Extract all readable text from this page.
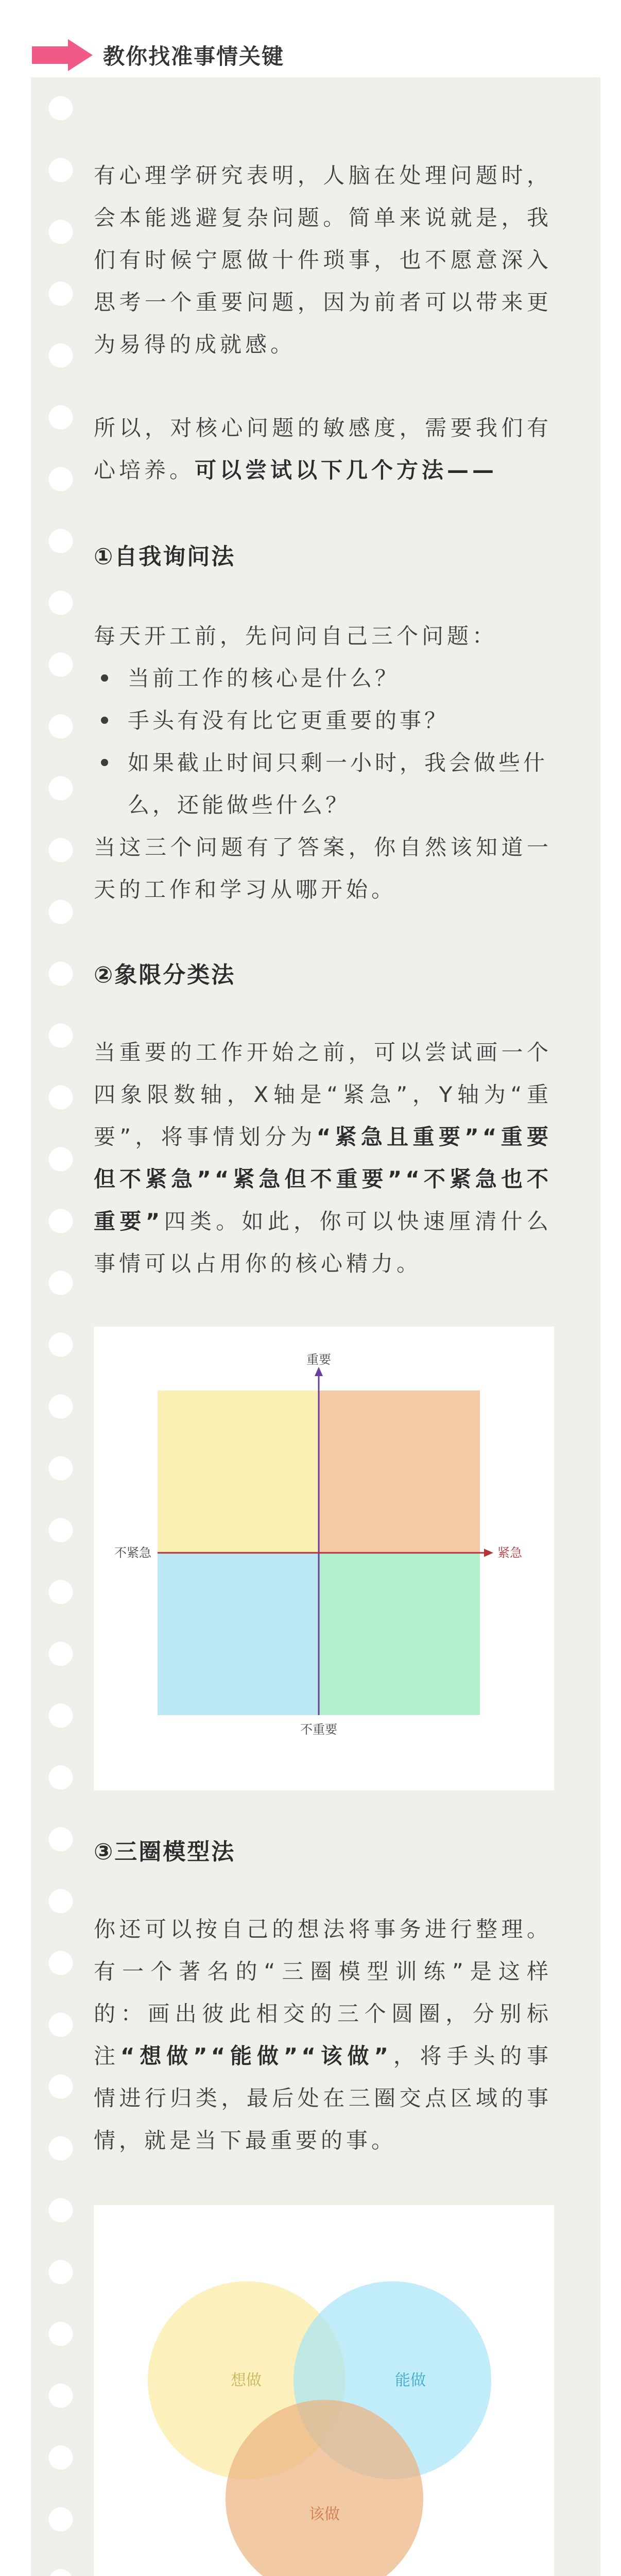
教你找准事情关键

有心理学研究表明，人脑在处理问题时，会本能逃避复杂问题。简单来说就是，我们有时候宁愿做十件琐事，也不愿意深入思考一个重要问题，因为前者可以带来更为易得的成就感。

所以，对核心问题的敏感度，需要我们有心培养。可以尝试以下几个方法——

①自我询问法

每天开工前，先问问自己三个问题：

当前工作的核心是什么？
手头有没有比它更重要的事？
如果截止时间只剩一小时，我会做些什么，还能做些什么？

当这三个问题有了答案，你自然该知道一天的工作和学习从哪开始。

②象限分类法

当重要的工作开始之前，可以尝试画一个四象限数轴，X轴是“紧急”，Y轴为“重要”，将事情划分为“紧急且重要”“重要但不紧急”“紧急但不重要”“不紧急也不重要”四类。如此，你可以快速厘清什么事情可以占用你的核心精力。

重要
不重要
不紧急	紧急
③三圈模型法

你还可以按自己的想法将事务进行整理。有一个著名的“三圈模型训练”是这样的：画出彼此相交的三个圆圈，分别标注“想做”“能做”“该做”，将手头的事情进行归类，最后处在三圈交点区域的事情，就是当下最重要的事。

想做	能做
该做
